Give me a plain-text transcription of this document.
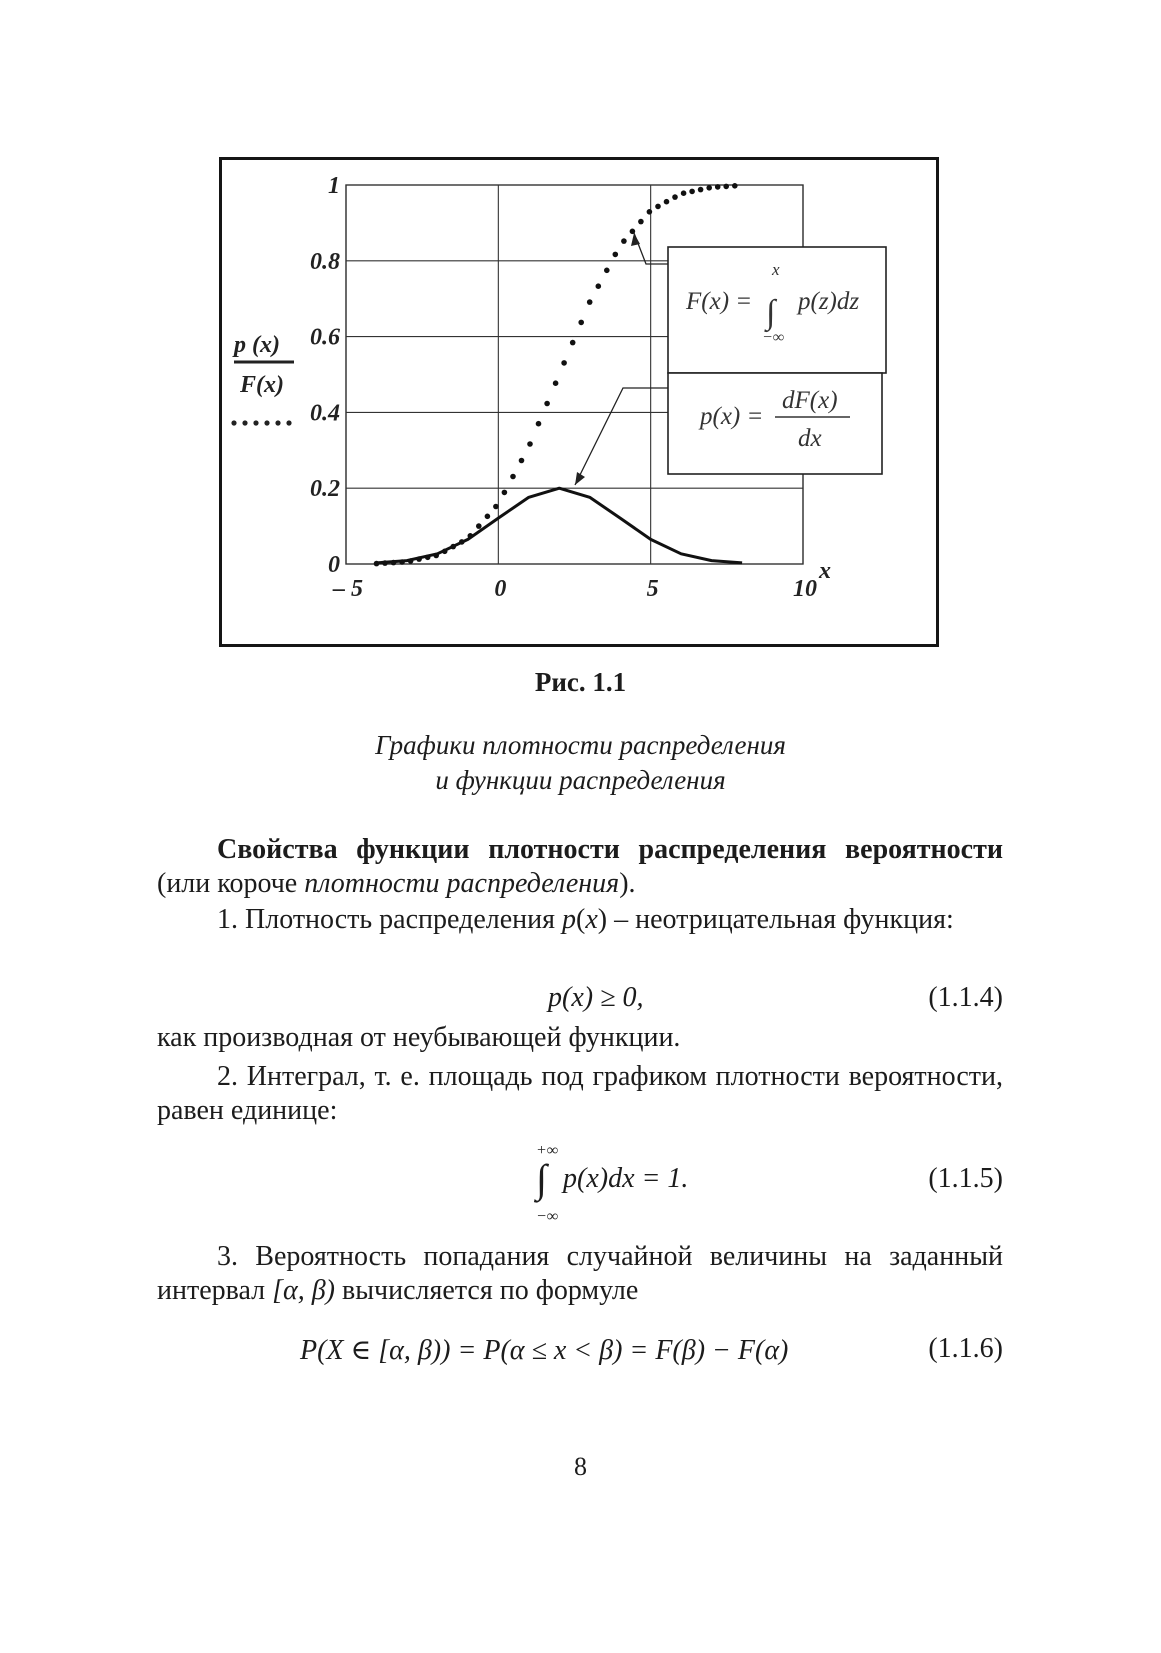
0
0.2
0.4
0.6
0.8
1
– 5	0	5	10
p (x)
F(x)
x
F(x) =
x
∫
−∞
p(z)dz
p(x) =
dF(x)
dx
Рис. 1.1
Графики плотности распределения
и функции распределения
Свойства функции плотности распределения вероятности (или короче плотности распределения).
1. Плотность распределения p(x) – неотрицательная функция:
p(x) ≥ 0,	(1.1.4)
как производная от неубывающей функции.
2. Интеграл, т. е. площадь под графиком плотности вероятности, равен единице:
+∞
∫
−∞
p(x)dx = 1.	(1.1.5)
3. Вероятность попадания случайной величины на заданный интервал [α, β) вычисляется по формуле
P(X ∈ [α, β)) = P(α ≤ x < β) = F(β) − F(α)	(1.1.6)
8
